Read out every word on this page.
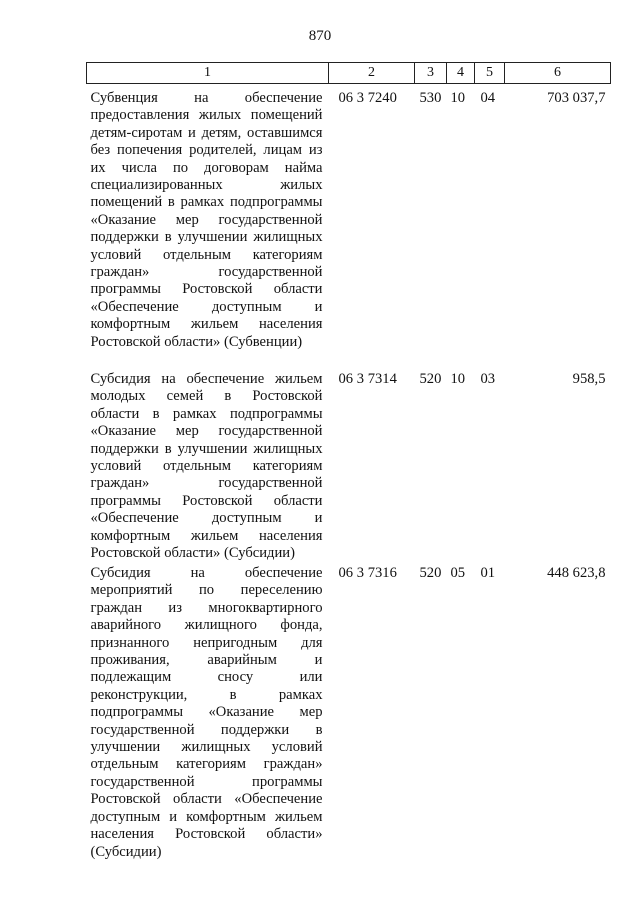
870
1	2	3	4	5	6

Субвенция на обеспечение предоставления жилых помещений детям-сиротам и детям, оставшимся без попечения родителей, лицам из их числа по договорам найма специализированных жилых помещений в рамках подпрограммы «Оказание мер государственной поддержки в улучшении жилищных условий отдельным категориям граждан» государственной программы Ростовской области «Обеспечение доступным и комфортным жильем населения Ростовской области» (Субвенции)	06 3 7240	530	10	04	703 037,7

Субсидия на обеспечение жильем молодых семей в Ростовской области в рамках подпрограммы «Оказание мер государственной поддержки в улучшении жилищных условий отдельным категориям граждан» государственной программы Ростовской области «Обеспечение доступным и комфортным жильем населения Ростовской области» (Субсидии)	06 3 7314	520	10	03	958,5

Субсидия на обеспечение мероприятий по переселению граждан из многоквартирного аварийного жилищного фонда, признанного непригодным для проживания, аварийным и подлежащим сносу или реконструкции, в рамках подпрограммы «Оказание мер государственной поддержки в улучшении жилищных условий отдельным категориям граждан» государственной программы Ростовской области «Обеспечение доступным и комфортным жильем населения Ростовской области» (Субсидии)	06 3 7316	520	05	01	448 623,8
